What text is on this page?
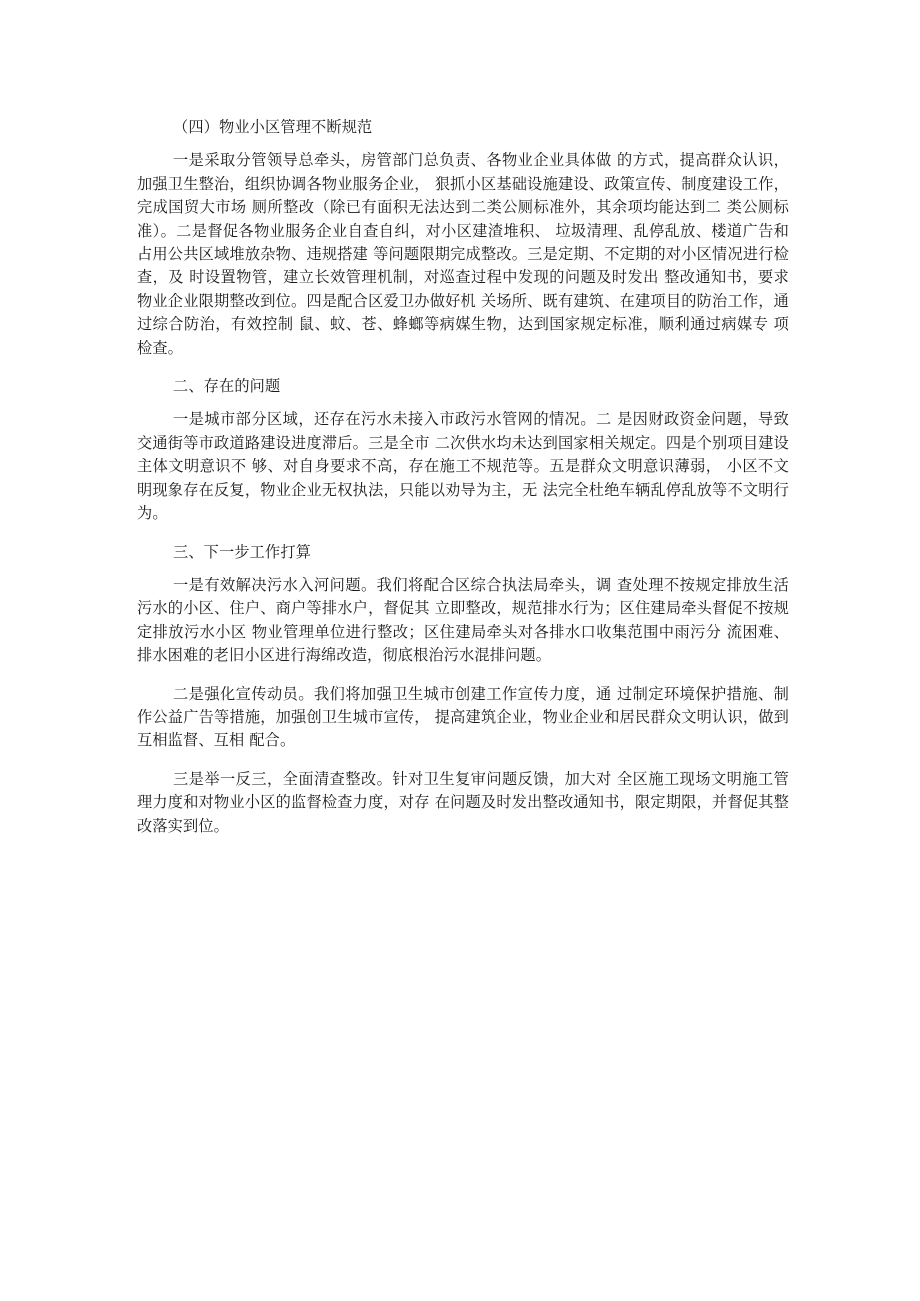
（四）物业小区管理不断规范

一是采取分管领导总牵头，房管部门总负责、各物业企业具体做 的方式，提高群众认识，加强卫生整治，组织协调各物业服务企业， 狠抓小区基础设施建设、政策宣传、制度建设工作，完成国贸大市场 厕所整改（除已有面积无法达到二类公厕标准外，其余项均能达到二 类公厕标准）。二是督促各物业服务企业自查自纠，对小区建渣堆积、 垃圾清理、乱停乱放、楼道广告和占用公共区域堆放杂物、违规搭建 等问题限期完成整改。三是定期、不定期的对小区情况进行检查，及 时设置物管，建立长效管理机制，对巡查过程中发现的问题及时发出 整改通知书，要求物业企业限期整改到位。四是配合区爱卫办做好机 关场所、既有建筑、在建项目的防治工作，通过综合防治，有效控制 鼠、蚊、苍、蜂螂等病媒生物，达到国家规定标准，顺利通过病媒专 项检查。

二、存在的问题

一是城市部分区域，还存在污水未接入市政污水管网的情况。二 是因财政资金问题，导致交通街等市政道路建设进度滞后。三是全市 二次供水均未达到国家相关规定。四是个别项目建设主体文明意识不 够、对自身要求不高，存在施工不规范等。五是群众文明意识薄弱， 小区不文明现象存在反复，物业企业无权执法，只能以劝导为主，无 法完全杜绝车辆乱停乱放等不文明行为。

三、下一步工作打算

一是有效解决污水入河问题。我们将配合区综合执法局牵头，调 查处理不按规定排放生活污水的小区、住户、商户等排水户，督促其 立即整改，规范排水行为；区住建局牵头督促不按规定排放污水小区 物业管理单位进行整改；区住建局牵头对各排水口收集范围中雨污分 流困难、排水困难的老旧小区进行海绵改造，彻底根治污水混排问题。

二是强化宣传动员。我们将加强卫生城市创建工作宣传力度，通 过制定环境保护措施、制作公益广告等措施，加强创卫生城市宣传， 提高建筑企业，物业企业和居民群众文明认识，做到互相监督、互相 配合。

三是举一反三，全面清查整改。针对卫生复审问题反馈，加大对 全区施工现场文明施工管理力度和对物业小区的监督检查力度，对存 在问题及时发出整改通知书，限定期限，并督促其整改落实到位。
